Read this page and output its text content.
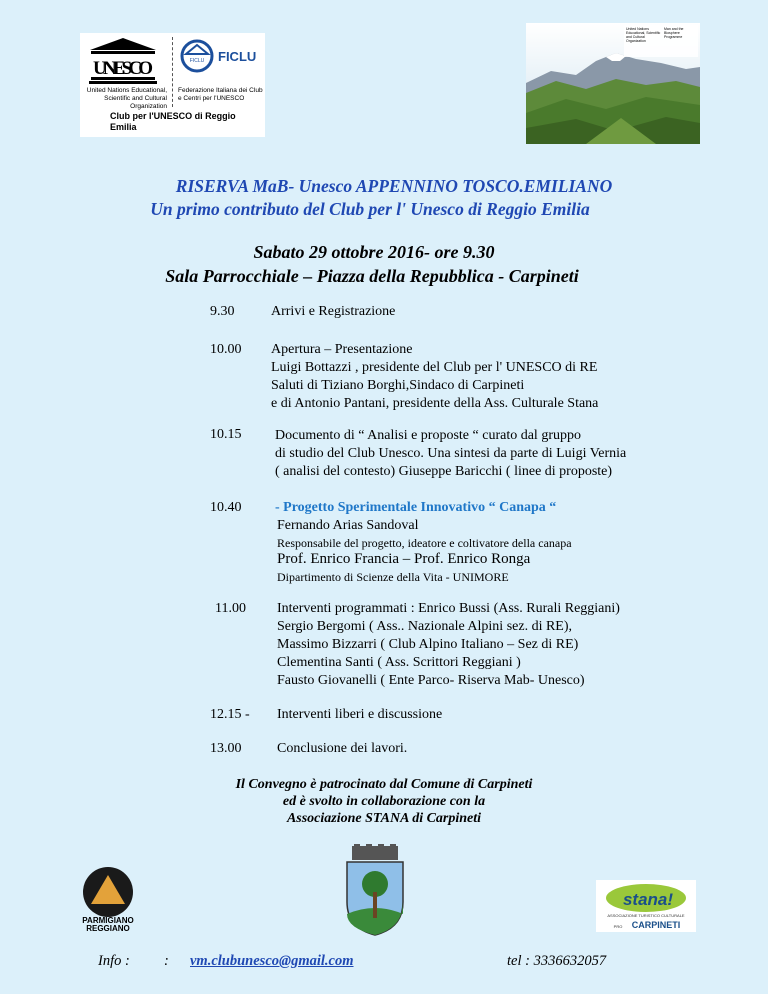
UNESCO	FICLU FICLU
United Nations Educational, Scientific and Cultural Organization
Federazione Italiana dei Club e Centri per l'UNESCO
Club per l'UNESCO di Reggio Emilia
United Nations Educational, Scientific and Cultural Organization
Man and the Biosphere Programme
RISERVA MaB- Unesco APPENNINO TOSCO.EMILIANO
Un primo contributo del Club per l' Unesco di Reggio Emilia
Sabato 29 ottobre 2016- ore 9.30
Sala Parrocchiale – Piazza della Repubblica - Carpineti
9.30	Arrivi e Registrazione
10.00 Apertura – Presentazione
Luigi Bottazzi , presidente del Club per l' UNESCO di RE
Saluti di Tiziano Borghi,Sindaco di Carpineti
e di Antonio Pantani, presidente della Ass. Culturale Stana
10.15 Documento di “ Analisi e proposte “ curato dal gruppo
di studio del Club Unesco. Una sintesi da parte di Luigi Vernia
( analisi del contesto) Giuseppe Baricchi ( linee di proposte)
10.40 - Progetto Sperimentale Innovativo “ Canapa “
Fernando Arias Sandoval
Responsabile del progetto, ideatore e coltivatore della canapa
Prof. Enrico Francia – Prof. Enrico Ronga
Dipartimento di Scienze della Vita - UNIMORE
11.00 Interventi programmati : Enrico Bussi (Ass. Rurali Reggiani)
Sergio Bergomi ( Ass.. Nazionale Alpini sez. di RE),
Massimo Bizzarri ( Club Alpino Italiano – Sez di RE)
Clementina Santi ( Ass. Scrittori Reggiani )
Fausto Giovanelli ( Ente Parco- Riserva Mab- Unesco)
12.15 - Interventi liberi e discussione
13.00	Conclusione dei lavori.
Il Convegno è patrocinato dal Comune di Carpineti
ed è svolto in collaborazione con la
Associazione STANA di Carpineti
PARMIGIANO
REGGIANO
stana!
ASSOCIAZIONE TURISTICO CULTURALE
PRO CARPINETI
Info : : vm.clubunesco@gmail.com	tel : 3336632057
